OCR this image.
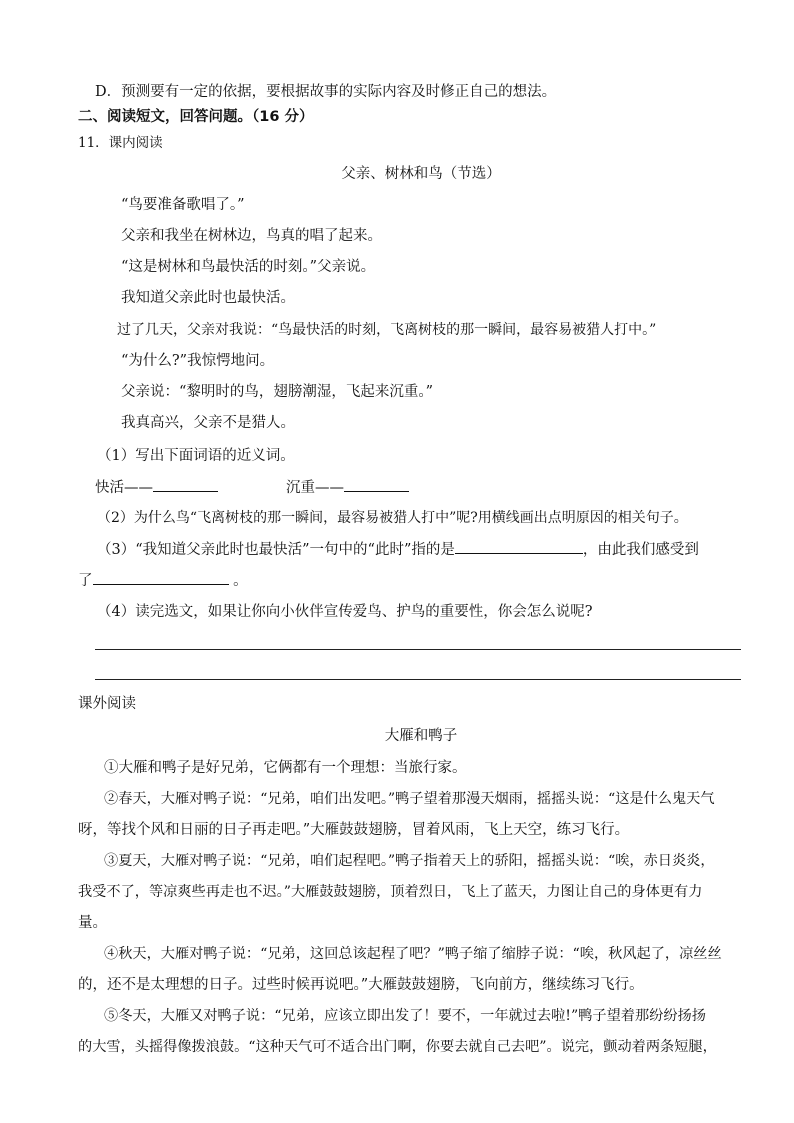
D．预测要有一定的依据，要根据故事的实际内容及时修正自己的想法。
二、阅读短文，回答问题。（16 分）
11．课内阅读
父亲、树林和鸟（节选）
“鸟要准备歌唱了。”
父亲和我坐在树林边，鸟真的唱了起来。
“这是树林和鸟最快活的时刻。”父亲说。
我知道父亲此时也最快活。
过了几天，父亲对我说：“鸟最快活的时刻，飞离树枝的那一瞬间，最容易被猎人打中。”
“为什么?”我惊愕地问。
父亲说：“黎明时的鸟，翅膀潮湿，飞起来沉重。”
我真高兴，父亲不是猎人。
（1）写出下面词语的近义词。
快活——	沉重——
（2）为什么鸟“飞离树枝的那一瞬间，最容易被猎人打中”呢?用横线画出点明原因的相关句子。
（3）“我知道父亲此时也最快活”一句中的“此时”指的是	，由此我们感受到
了	。
（4）读完选文，如果让你向小伙伴宣传爱鸟、护鸟的重要性，你会怎么说呢?
课外阅读
大雁和鸭子
①大雁和鸭子是好兄弟，它俩都有一个理想：当旅行家。
②春天，大雁对鸭子说：“兄弟，咱们出发吧。”鸭子望着那漫天烟雨，摇摇头说：“这是什么鬼天气
呀，等找个风和日丽的日子再走吧。”大雁鼓鼓翅膀，冒着风雨，飞上天空，练习飞行。
③夏天，大雁对鸭子说：“兄弟，咱们起程吧。”鸭子指着天上的骄阳，摇摇头说：“唉，赤日炎炎，
我受不了，等凉爽些再走也不迟。”大雁鼓鼓翅膀，顶着烈日，飞上了蓝天，力图让自己的身体更有力
量。
④秋天，大雁对鸭子说：“兄弟，这回总该起程了吧？”鸭子缩了缩脖子说：“唉，秋风起了，凉丝丝
的，还不是太理想的日子。过些时候再说吧。”大雁鼓鼓翅膀，飞向前方，继续练习飞行。
⑤冬天，大雁又对鸭子说：“兄弟，应该立即出发了！要不，一年就过去啦!”鸭子望着那纷纷扬扬
的大雪，头摇得像拨浪鼓。“这种天气可不适合出门啊，你要去就自己去吧”。说完，颤动着两条短腿，
